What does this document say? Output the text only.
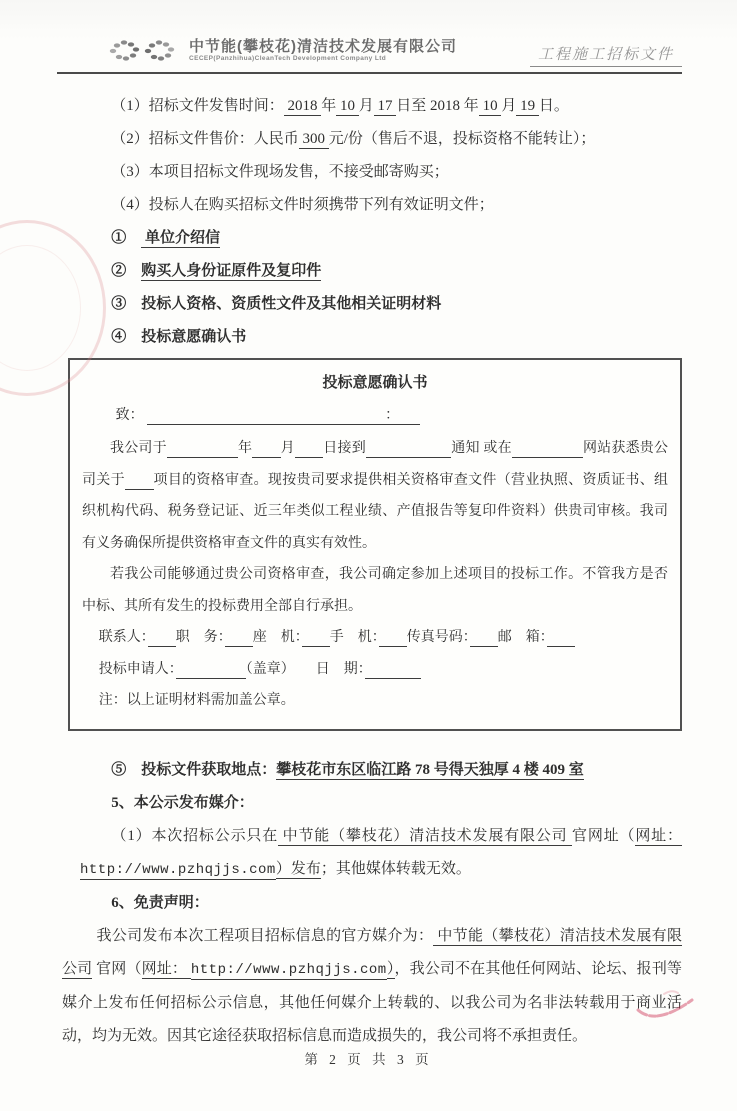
中节能(攀枝花)清洁技术发展有限公司
CECEP(Panzhihua)CleanTech Development Company Ltd	工程施工招标文件

（1）招标文件发售时间： 2018 年 10 月 17 日至 2018 年 10 月 19 日。

（2）招标文件售价：人民币 300 元/份（售后不退，投标资格不能转让）；

（3）本项目招标文件现场发售，不接受邮寄购买；

（4）投标人在购买招标文件时须携带下列有效证明文件；

①　 单位介绍信

②　购买人身份证原件及复印件

③　投标人资格、资质性文件及其他相关证明材料

④　投标意愿确认书

投标意愿确认书

致： 　　　　　　　　　　　　　　　　　：　　

我公司于　　　　　	年　　 月　　 日接到　　　　　　	通知 或在　　　　　	网站获悉贵公司关于　　 项目的资格审查。现按贵司要求提供相关资格审查文件（营业执照、资质证书、组织机构代码、税务登记证、近三年类似工程业绩、产值报告等复印件资料）供贵司审核。我司有义务确保所提供资格审查文件的真实有效性。

若我公司能够通过贵公司资格审查，我公司确定参加上述项目的投标工作。不管我方是否中标、其所有发生的投标费用全部自行承担。

联系人：　　 职　务：　　 座　机：　　 手　机：　　 传真号码：　　 邮　箱：　　

投标申请人：　　　　　	（盖章）　　日　期：　　　　

注：以上证明材料需加盖公章。

⑤　投标文件获取地点：攀枝花市东区临江路 78 号得天独厚 4 楼 409 室

5、本公示发布媒介：

（1）本次招标公示只在 中节能（攀枝花）清洁技术发展有限公司 官网址（网址： http://www.pzhqjjs.com）发布；其他媒体转载无效。

6、免责声明：

我公司发布本次工程项目招标信息的官方媒介为： 中节能（攀枝花）清洁技术发展有限公司 官网（网址： http://www.pzhqjjs.com），我公司不在其他任何网站、论坛、报刊等媒介上发布任何招标公示信息，其他任何媒介上转载的、以我公司为名非法转载用于商业活动，均为无效。因其它途径获取招标信息而造成损失的，我公司将不承担责任。

第 2 页 共 3 页
